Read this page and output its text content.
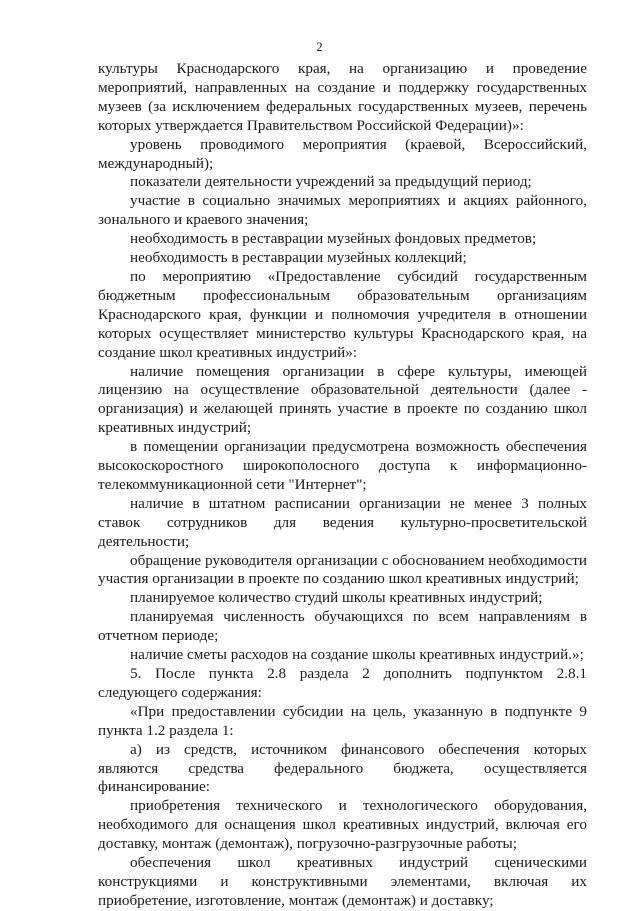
2

культуры Краснодарского края, на организацию и проведение мероприятий, направленных на создание и поддержку государственных музеев (за исключением федеральных государственных музеев, перечень которых утверждается Правительством Российской Федерации)»:

уровень проводимого мероприятия (краевой, Всероссийский, международный);

показатели деятельности учреждений за предыдущий период;

участие в социально значимых мероприятиях и акциях районного, зонального и краевого значения;

необходимость в реставрации музейных фондовых предметов;

необходимость в реставрации музейных коллекций;

по мероприятию «Предоставление субсидий государственным бюджетным профессиональным образовательным организациям Краснодарского края, функции и полномочия учредителя в отношении которых осуществляет министерство культуры Краснодарского края, на создание школ креативных индустрий»:

наличие помещения организации в сфере культуры, имеющей лицензию на осуществление образовательной деятельности (далее - организация) и желающей принять участие в проекте по созданию школ креативных индустрий;

в помещении организации предусмотрена возможность обеспечения высокоскоростного широкополосного доступа к информационно-телекоммуникационной сети "Интернет";

наличие в штатном расписании организации не менее 3 полных ставок сотрудников для ведения культурно-просветительской деятельности;

обращение руководителя организации с обоснованием необходимости участия организации в проекте по созданию школ креативных индустрий;

планируемое количество студий школы креативных индустрий;

планируемая численность обучающихся по всем направлениям в отчетном периоде;

наличие сметы расходов на создание школы креативных индустрий.»;

5. После пункта 2.8 раздела 2 дополнить подпунктом 2.8.1 следующего содержания:

«При предоставлении субсидии на цель, указанную в подпункте 9 пункта 1.2 раздела 1:

а) из средств, источником финансового обеспечения которых являются средства федерального бюджета, осуществляется финансирование:

приобретения технического и технологического оборудования, необходимого для оснащения школ креативных индустрий, включая его доставку, монтаж (демонтаж), погрузочно-разгрузочные работы;

обеспечения школ креативных индустрий сценическими конструкциями и конструктивными элементами, включая их приобретение, изготовление, монтаж (демонтаж) и доставку;
